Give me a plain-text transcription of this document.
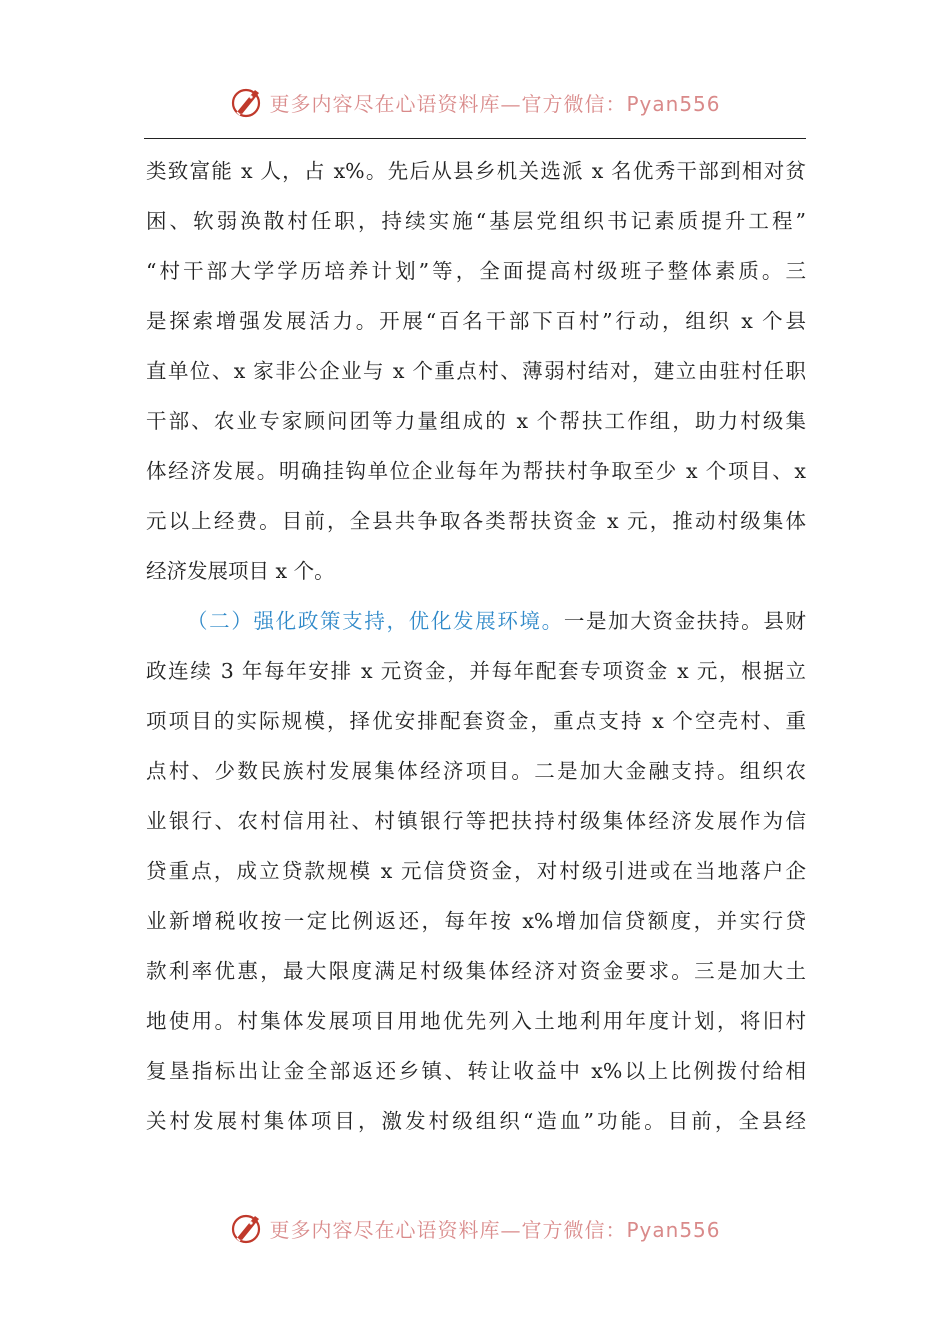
更多内容尽在心语资料库—官方微信：Pyan556
类致富能 x 人，占 x%。先后从县乡机关选派 x 名优秀干部到相对贫
困、软弱涣散村任职，持续实施“基层党组织书记素质提升工程”
“村干部大学学历培养计划”等，全面提高村级班子整体素质。三
是探索增强发展活力。开展“百名干部下百村”行动，组织 x 个县
直单位、x 家非公企业与 x 个重点村、薄弱村结对，建立由驻村任职
干部、农业专家顾问团等力量组成的 x 个帮扶工作组，助力村级集
体经济发展。明确挂钩单位企业每年为帮扶村争取至少 x 个项目、x
元以上经费。目前，全县共争取各类帮扶资金 x 元，推动村级集体
经济发展项目 x 个。
（二）强化政策支持，优化发展环境。一是加大资金扶持。县财
政连续 3 年每年安排 x 元资金，并每年配套专项资金 x 元，根据立
项项目的实际规模，择优安排配套资金，重点支持 x 个空壳村、重
点村、少数民族村发展集体经济项目。二是加大金融支持。组织农
业银行、农村信用社、村镇银行等把扶持村级集体经济发展作为信
贷重点，成立贷款规模 x 元信贷资金，对村级引进或在当地落户企
业新增税收按一定比例返还，每年按 x%增加信贷额度，并实行贷
款利率优惠，最大限度满足村级集体经济对资金要求。三是加大土
地使用。村集体发展项目用地优先列入土地利用年度计划，将旧村
复垦指标出让金全部返还乡镇、转让收益中 x%以上比例拨付给相
关村发展村集体项目，激发村级组织“造血”功能。目前，全县经
更多内容尽在心语资料库—官方微信：Pyan556
